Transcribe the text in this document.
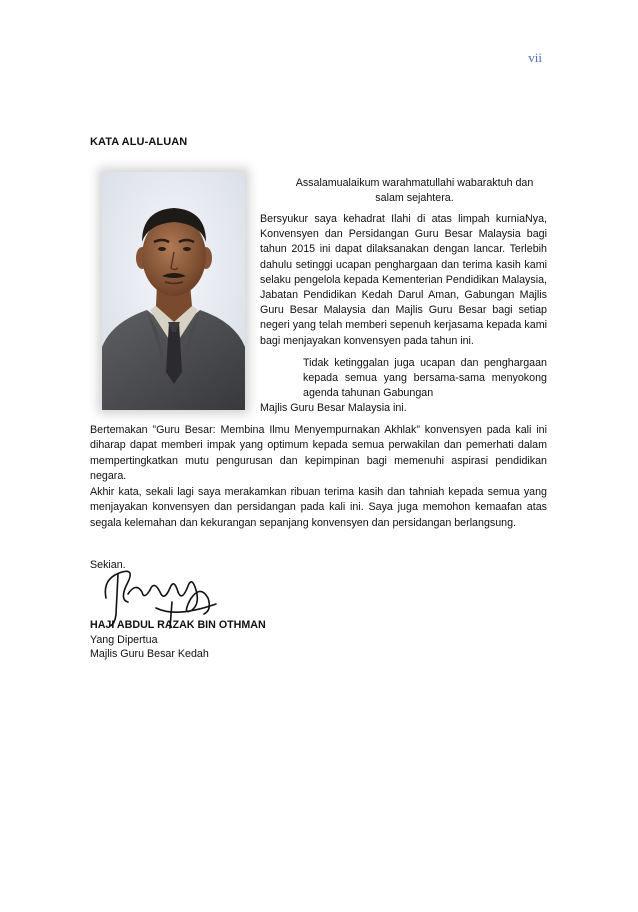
vii
KATA ALU-ALUAN
Assalamualaikum warahmatullahi wabaraktuh dan
salam sejahtera.
Bersyukur saya kehadrat Ilahi di atas limpah kurniaNya, Konvensyen dan Persidangan Guru Besar Malaysia bagi tahun 2015 ini dapat dilaksanakan dengan lancar. Terlebih dahulu setinggi ucapan penghargaan dan terima kasih kami selaku pengelola kepada Kementerian Pendidikan Malaysia, Jabatan Pendidikan Kedah Darul Aman, Gabungan Majlis Guru Besar Malaysia dan Majlis Guru Besar bagi setiap negeri yang telah memberi sepenuh kerjasama kepada kami bagi menjayakan konvensyen pada tahun ini.
Tidak ketinggalan juga ucapan dan penghargaan kepada semua yang bersama-sama menyokong agenda tahunan Gabungan
Majlis Guru Besar Malaysia ini.
Bertemakan ”Guru Besar: Membina Ilmu Menyempurnakan Akhlak” konvensyen pada kali ini diharap dapat memberi impak yang optimum kepada semua perwakilan dan pemerhati dalam mempertingkatkan mutu pengurusan dan kepimpinan bagi memenuhi aspirasi pendidikan negara.
Akhir kata, sekali lagi saya merakamkan ribuan terima kasih dan tahniah kepada semua yang menjayakan konvensyen dan persidangan pada kali ini. Saya juga memohon kemaafan atas segala kelemahan dan kekurangan sepanjang konvensyen dan persidangan berlangsung.
Sekian.
HAJI ABDUL RAZAK BIN OTHMAN
Yang Dipertua
Majlis Guru Besar Kedah
